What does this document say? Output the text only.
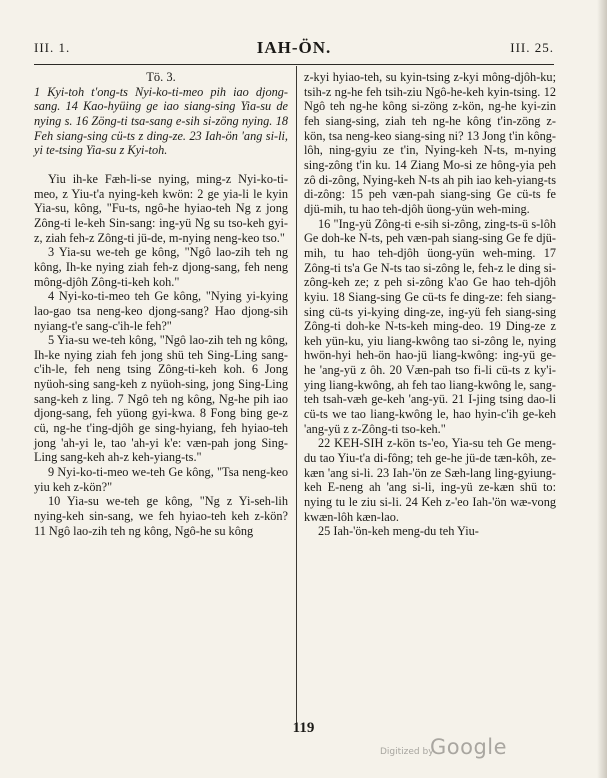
III. 1.	IAH-ÖN.	III. 25.

Tö. 3.

1 Kyi-toh t'ong-ts Nyi-ko-ti-meo pih iao djong-sang. 14 Kao-hyüing ge iao siang-sing Yia-su de nying s. 16 Zöng-ti tsa-sang e-sih si-zöng nying. 18 Feh siang-sing cü-ts z ding-ze. 23 Iah-ön 'ang si-li, yi te-tsing Yia-su z Kyi-toh.

Yiu ih-ke Fæh-li-se nying, ming-z Nyi-ko-ti-meo, z Yiu-t'a nying-keh kwön: 2 ge yia-li le kyin Yia-su, kông, "Fu-ts, ngô-he hyiao-teh Ng z jong Zông-ti le-keh Sin-sang: ing-yü Ng su tso-keh gyi-z, ziah feh-z Zông-ti jü-de, m-nying neng-keo tso."

3 Yia-su we-teh ge kông, "Ngô lao-zih teh ng kông, Ih-ke nying ziah feh-z djong-sang, feh neng mông-djôh Zông-ti-keh koh."

4 Nyi-ko-ti-meo teh Ge kông, "Nying yi-kying lao-gao tsa neng-keo djong-sang? Hao djong-sih nyiang-t'e sang-c'ih-le feh?"

5 Yia-su we-teh kông, "Ngô lao-zih teh ng kông, Ih-ke nying ziah feh jong shü teh Sing-Ling sang-c'ih-le, feh neng tsing Zông-ti-keh koh. 6 Jong nyüoh-sing sang-keh z nyüoh-sing, jong Sing-Ling sang-keh z ling. 7 Ngô teh ng kông, Ng-he pih iao djong-sang, feh yüong gyi-kwa. 8 Fong bing ge-z cü, ng-he t'ing-djôh ge sing-hyiang, feh hyiao-teh jong 'ah-yi le, tao 'ah-yi k'e: væn-pah jong Sing-Ling sang-keh ah-z keh-yiang-ts."

9 Nyi-ko-ti-meo we-teh Ge kông, "Tsa neng-keo yiu keh z-kön?"

10 Yia-su we-teh ge kông, "Ng z Yi-seh-lih nying-keh sin-sang, we feh hyiao-teh keh z-kön? 11 Ngô lao-zih teh ng kông, Ngô-he su kông

z-kyi hyiao-teh, su kyin-tsing z-kyi mông-djôh-ku; tsih-z ng-he feh tsih-ziu Ngô-he-keh kyin-tsing. 12 Ngô teh ng-he kông si-zöng z-kön, ng-he kyi-zin feh siang-sing, ziah teh ng-he kông t'in-zöng z-kön, tsa neng-keo siang-sing ni? 13 Jong t'in kông-lôh, ning-gyiu ze t'in, Nying-keh N-ts, m-nying sing-zông t'in ku. 14 Ziang Mo-si ze hông-yia peh zô di-zông, Nying-keh N-ts ah pih iao keh-yiang-ts di-zông: 15 peh væn-pah siang-sing Ge cü-ts fe djü-mih, tu hao teh-djôh üong-yün weh-ming.

16 "Ing-yü Zông-ti e-sih si-zông, zing-ts-ü s-lôh Ge doh-ke N-ts, peh væn-pah siang-sing Ge fe djü-mih, tu hao teh-djôh üong-yün weh-ming. 17 Zông-ti ts'a Ge N-ts tao si-zông le, feh-z le ding si-zông-keh ze; z peh si-zông k'ao Ge hao teh-djôh kyiu. 18 Siang-sing Ge cü-ts fe ding-ze: feh siang-sing cü-ts yi-kying ding-ze, ing-yü feh siang-sing Zông-ti doh-ke N-ts-keh ming-deo. 19 Ding-ze z keh yün-ku, yiu liang-kwông tao si-zông le, nying hwön-hyi heh-ön hao-jü liang-kwông: ing-yü ge-he 'ang-yü z ôh. 20 Væn-pah tso fi-li cü-ts z ky'i-ying liang-kwông, ah feh tao liang-kwông le, sang-teh tsah-væh ge-keh 'ang-yü. 21 I-jing tsing dao-li cü-ts we tao liang-kwông le, hao hyin-c'ih ge-keh 'ang-yü z z-Zông-ti tso-keh."

22 KEH-SIH z-kön ts-'eo, Yia-su teh Ge meng-du tao Yiu-t'a di-fông; teh ge-he jü-de tæn-kôh, ze-kæn 'ang si-li. 23 Iah-'ön ze Sæh-lang ling-gyiung-keh E-neng ah 'ang si-li, ing-yü ze-kæn shü to: nying tu le ziu si-li. 24 Keh z-'eo Iah-'ön wæ-vong kwæn-lôh kæn-lao.

25 Iah-'ön-keh meng-du teh Yiu-

119
Digitized by
Google
